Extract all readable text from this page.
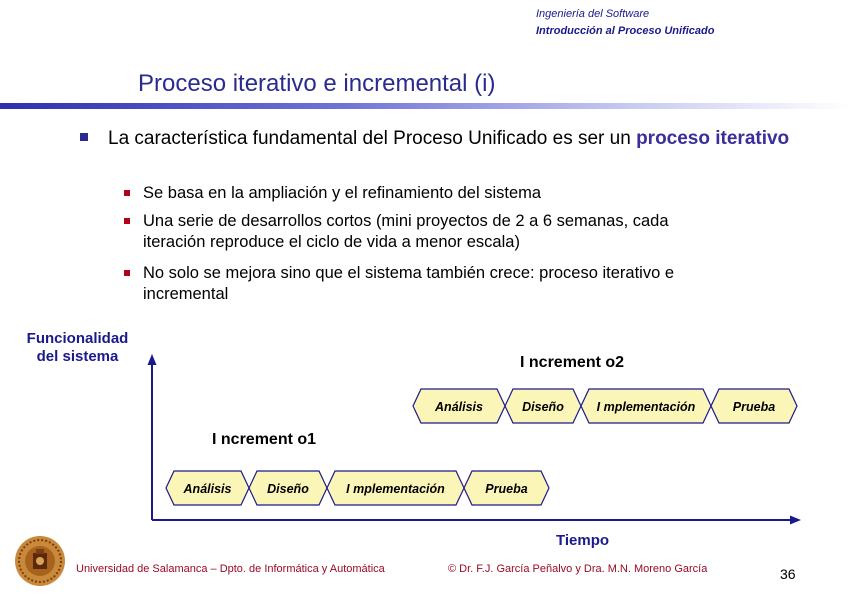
Ingeniería del Software
Introducción al Proceso Unificado
Proceso iterativo e incremental (i)
La característica fundamental del Proceso Unificado es ser un proceso iterativo
Se basa en la ampliación y el refinamiento del sistema
Una serie de desarrollos cortos (mini proyectos de 2 a 6 semanas, cada
iteración reproduce el ciclo de vida a menor escala)
No solo se mejora sino que el sistema también crece: proceso iterativo e
incremental
Funcionalidad
del sistema
I ncrement o1
I ncrement o2
Análisis	Diseño	I mplementación	Prueba
Análisis	Diseño	I mplementación	Prueba
Tiempo
Universidad de Salamanca – Dpto. de Informática y Automática	© Dr. F.J. García Peñalvo y Dra. M.N. Moreno García	36
